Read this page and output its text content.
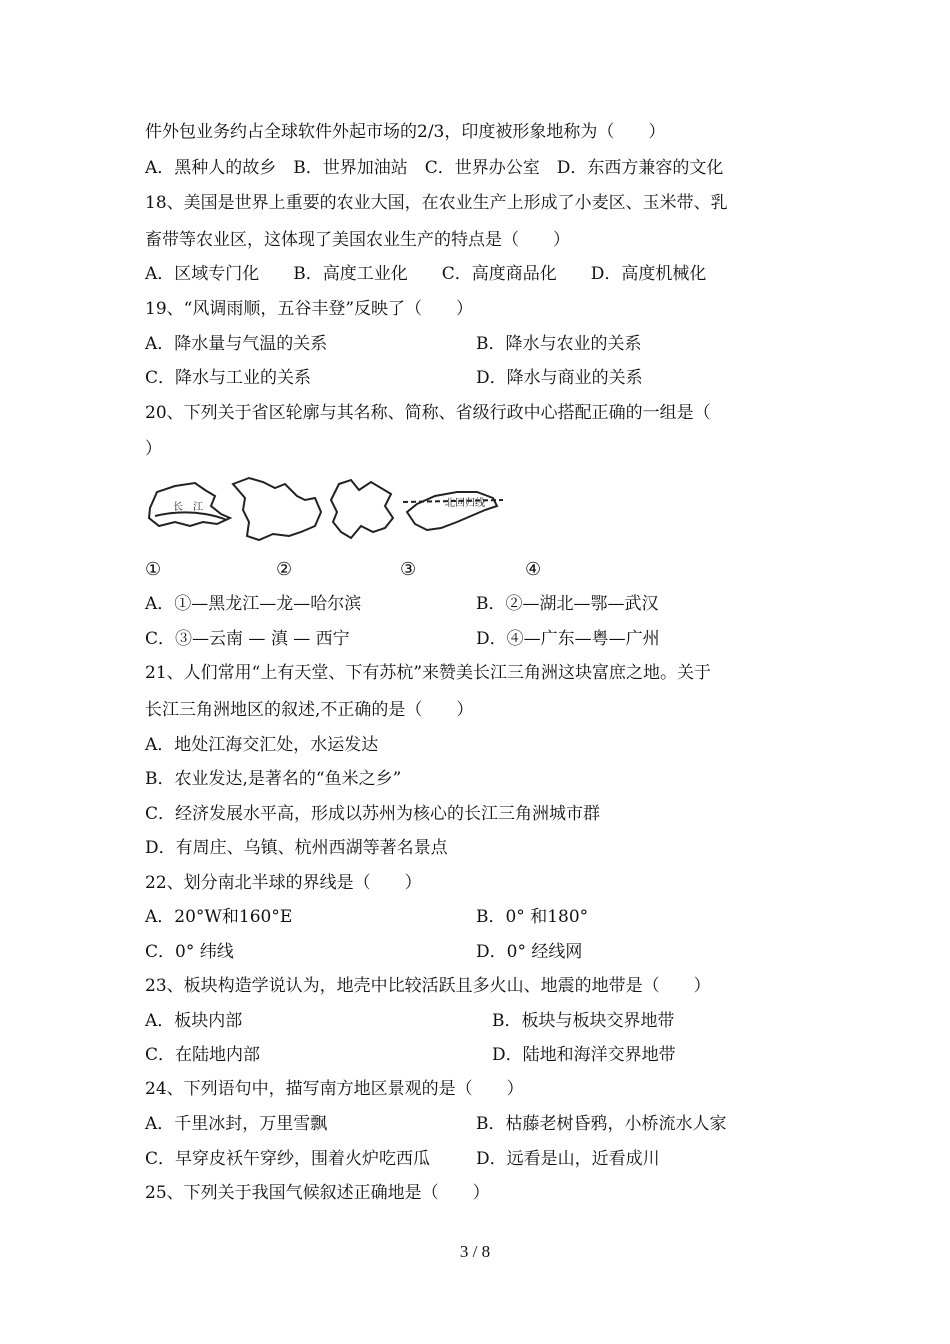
件外包业务约占全球软件外起市场的2/3，印度被形象地称为（　　）
A．黑种人的故乡　B．世界加油站　C．世界办公室　D．东西方兼容的文化
18、美国是世界上重要的农业大国，在农业生产上形成了小麦区、玉米带、乳
畜带等农业区，这体现了美国农业生产的特点是（　　）
A．区域专门化　　B．高度工业化　　C．高度商品化　　D．高度机械化
19、“风调雨顺，五谷丰登”反映了（　　）
A．降水量与气温的关系	B．降水与农业的关系
C．降水与工业的关系	D．降水与商业的关系
20、下列关于省区轮廓与其名称、简称、省级行政中心搭配正确的一组是（
）
长　江	北回归线
①	②	③	④
A．①—黑龙江—龙—哈尔滨	B．②—湖北—鄂—武汉
C．③—云南 — 滇 — 西宁	D．④—广东—粤—广州
21、人们常用“上有天堂、下有苏杭”来赞美长江三角洲这块富庶之地。关于
长江三角洲地区的叙述,不正确的是（　　）
A．地处江海交汇处，水运发达
B．农业发达,是著名的“鱼米之乡”
C．经济发展水平高，形成以苏州为核心的长江三角洲城市群
D．有周庄、乌镇、杭州西湖等著名景点
22、划分南北半球的界线是（　　）
A．20°W和160°E	B．0° 和180°
C．0° 纬线	D．0° 经线网
23、板块构造学说认为，地壳中比较活跃且多火山、地震的地带是（　　）
A．板块内部	B．板块与板块交界地带
C．在陆地内部	D．陆地和海洋交界地带
24、下列语句中，描写南方地区景观的是（　　）
A．千里冰封，万里雪飘	B．枯藤老树昏鸦，小桥流水人家
C．早穿皮袄午穿纱，围着火炉吃西瓜	D．远看是山，近看成川
25、下列关于我国气候叙述正确地是（　　）
3 / 8
